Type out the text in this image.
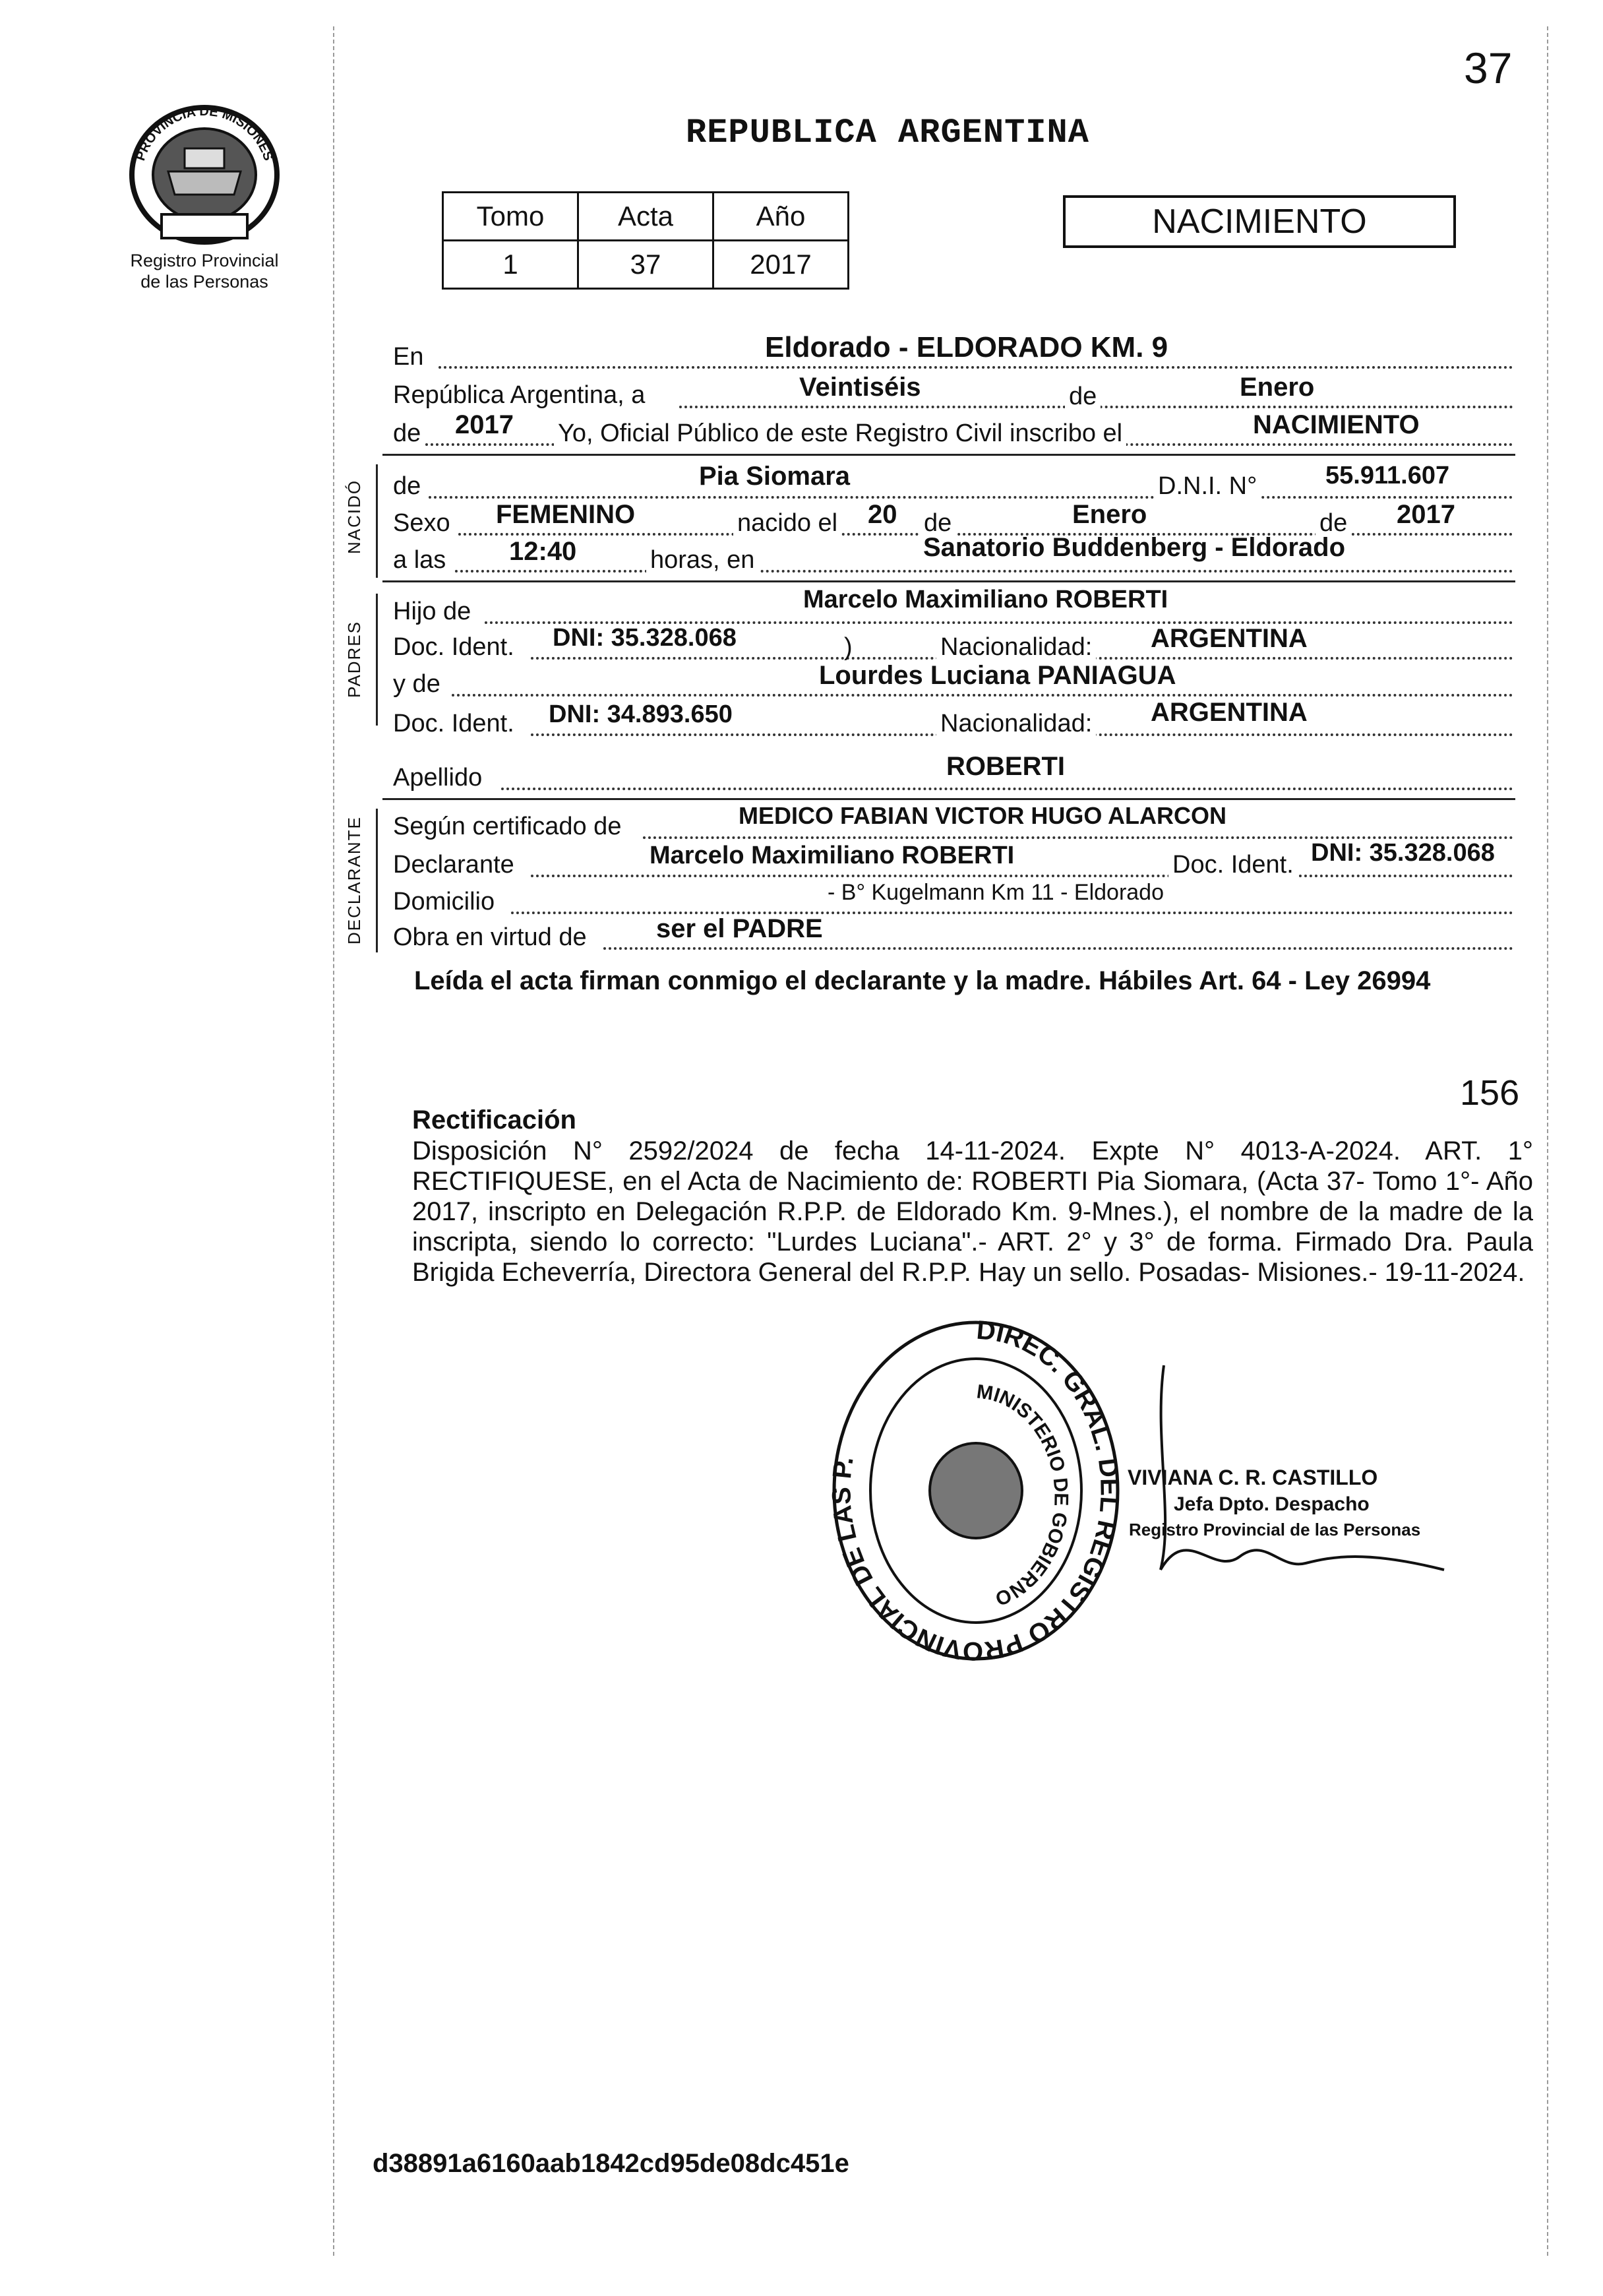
PROVINCIA DE MISIONES
Registro Provincial
de las Personas
37
REPUBLICA ARGENTINA
Tomo	Acta	Año
1	37	2017
NACIMIENTO
En	Eldorado - ELDORADO KM. 9
República Argentina, a	Veintiséis	de	Enero
de 2017 Yo, Oficial Público de este Registro Civil inscribo el	NACIMIENTO
NACIDÓ de	Pia Siomara	D.N.I. N°	55.911.607
Sexo FEMENINO	nacido el 20 de	Enero	de 2017
a las 12:40	horas, en	Sanatorio Buddenberg - Eldorado
PADRES
Hijo de	Marcelo Maximiliano ROBERTI
Doc. Ident. DNI: 35.328.068	)	Nacionalidad: ARGENTINA
y de	Lourdes Luciana PANIAGUA
Doc. Ident. DNI: 34.893.650	Nacionalidad: ARGENTINA
Apellido	ROBERTI
DECLARANTE Según certificado de	MEDICO FABIAN VICTOR HUGO ALARCON
Declarante	Marcelo Maximiliano ROBERTI	Doc. Ident. DNI: 35.328.068
Domicilio	- B° Kugelmann Km 11 - Eldorado
Obra en virtud de	ser el PADRE
Leída el acta firman conmigo el declarante y la madre. Hábiles Art. 64 - Ley 26994
156
Rectificación
Disposición N° 2592/2024 de fecha 14-11-2024. Expte N° 4013-A-2024. ART. 1° RECTIFIQUESE, en el Acta de Nacimiento de: ROBERTI Pia Siomara, (Acta 37- Tomo 1°- Año 2017, inscripto en Delegación R.P.P. de Eldorado Km. 9-Mnes.), el nombre de la madre de la inscripta, siendo lo correcto: "Lurdes Luciana".- ART. 2° y 3° de forma. Firmado Dra. Paula Brigida Echeverría, Directora General del R.P.P. Hay un sello. Posadas- Misiones.- 19-11-2024.
DIREC. GRAL. DEL REGISTRO PROVINCIAL DE LAS P.
MINISTERIO DE GOBIERNO
VIVIANA C. R. CASTILLO
Jefa Dpto. Despacho
Registro Provincial de las Personas
d38891a6160aab1842cd95de08dc451e
